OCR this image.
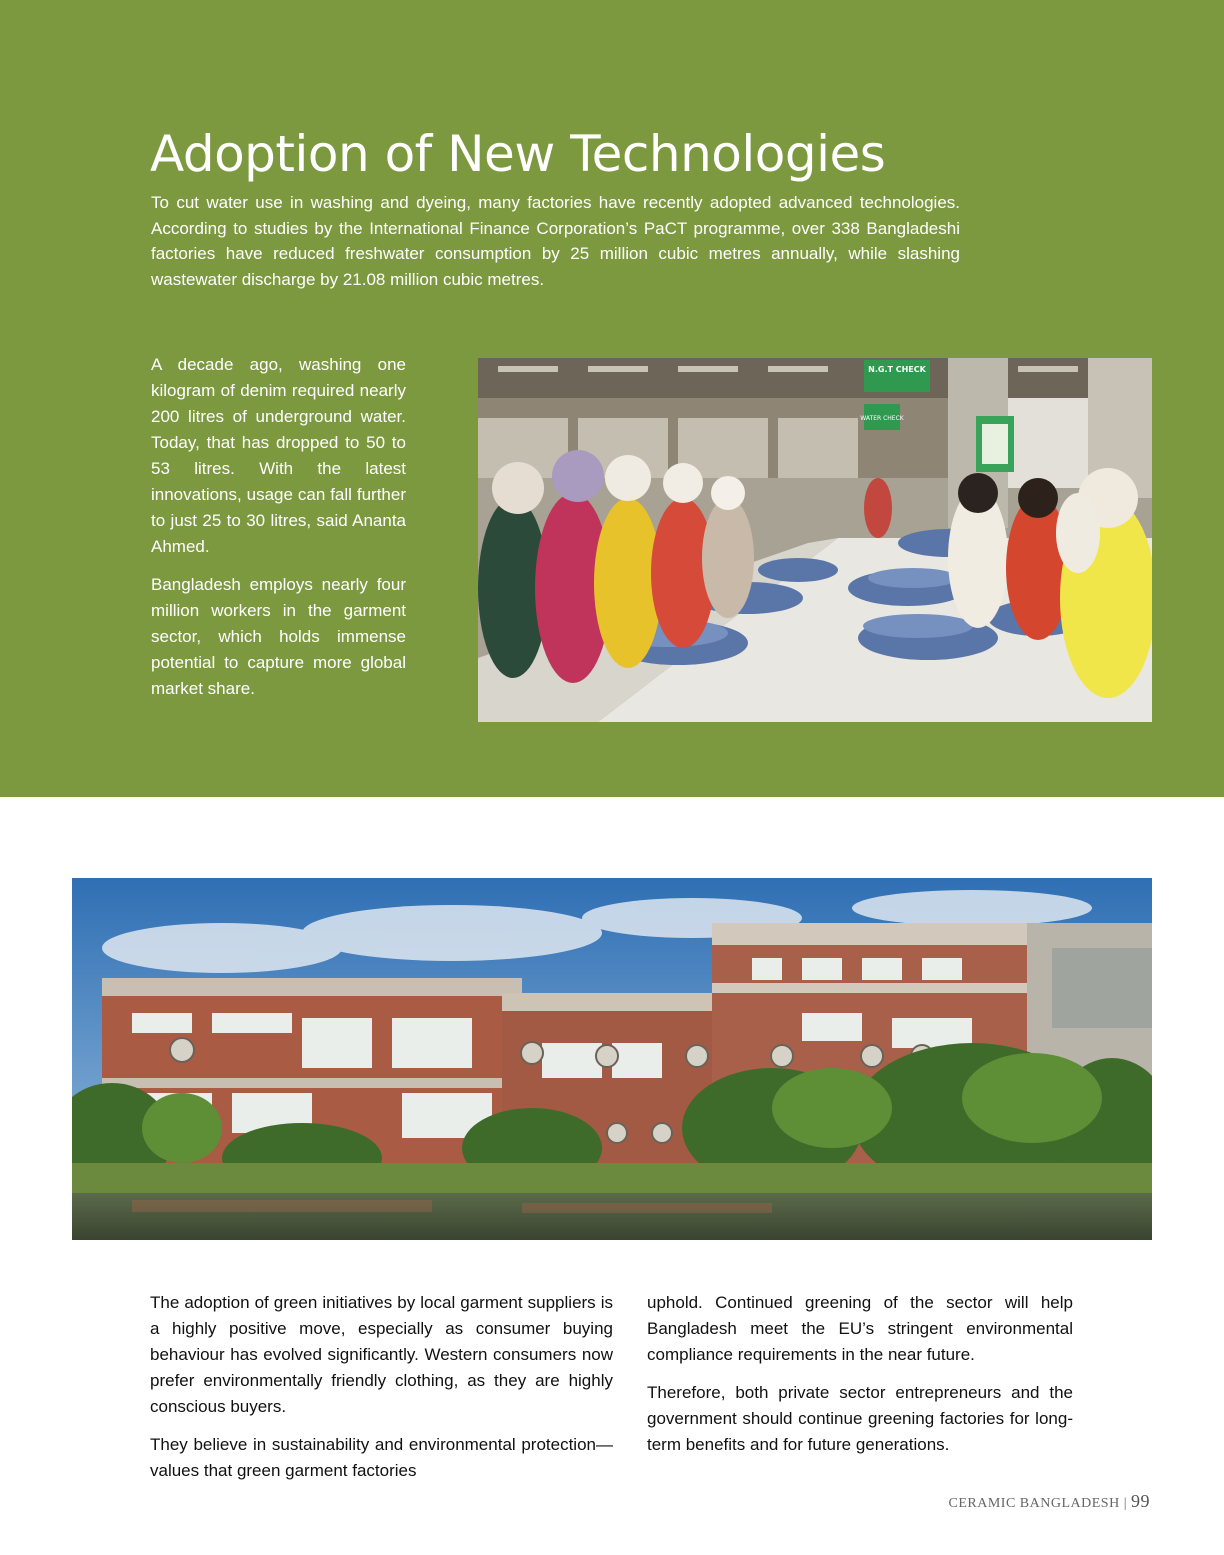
Adoption of New Technologies

To cut water use in washing and dyeing, many factories have recently adopted advanced technologies. According to studies by the International Finance Corporation’s PaCT programme, over 338 Bangladeshi factories have reduced freshwater consumption by 25 million cubic metres annually, while slashing wastewater discharge by 21.08 million cubic metres.

A decade ago, washing one kilogram of denim required nearly 200 litres of underground water. Today, that has dropped to 50 to 53 litres. With the latest innovations, usage can fall further to just 25 to 30 litres, said Ananta Ahmed.

Bangladesh employs nearly four million workers in the garment sector, which holds immense potential to capture more global market share.

N.G.T CHECK
WATER CHECK

The adoption of green initiatives by local garment suppliers is a highly positive move, especially as consumer buying behaviour has evolved significantly. Western consumers now prefer environmentally friendly clothing, as they are highly conscious buyers.

They believe in sustainability and environmental protection—values that green garment factories

uphold. Continued greening of the sector will help Bangladesh meet the EU’s stringent environmental compliance requirements in the near future.

Therefore, both private sector entrepreneurs and the government should continue greening factories for long-term benefits and for future generations.

CERAMIC BANGLADESH | 99
